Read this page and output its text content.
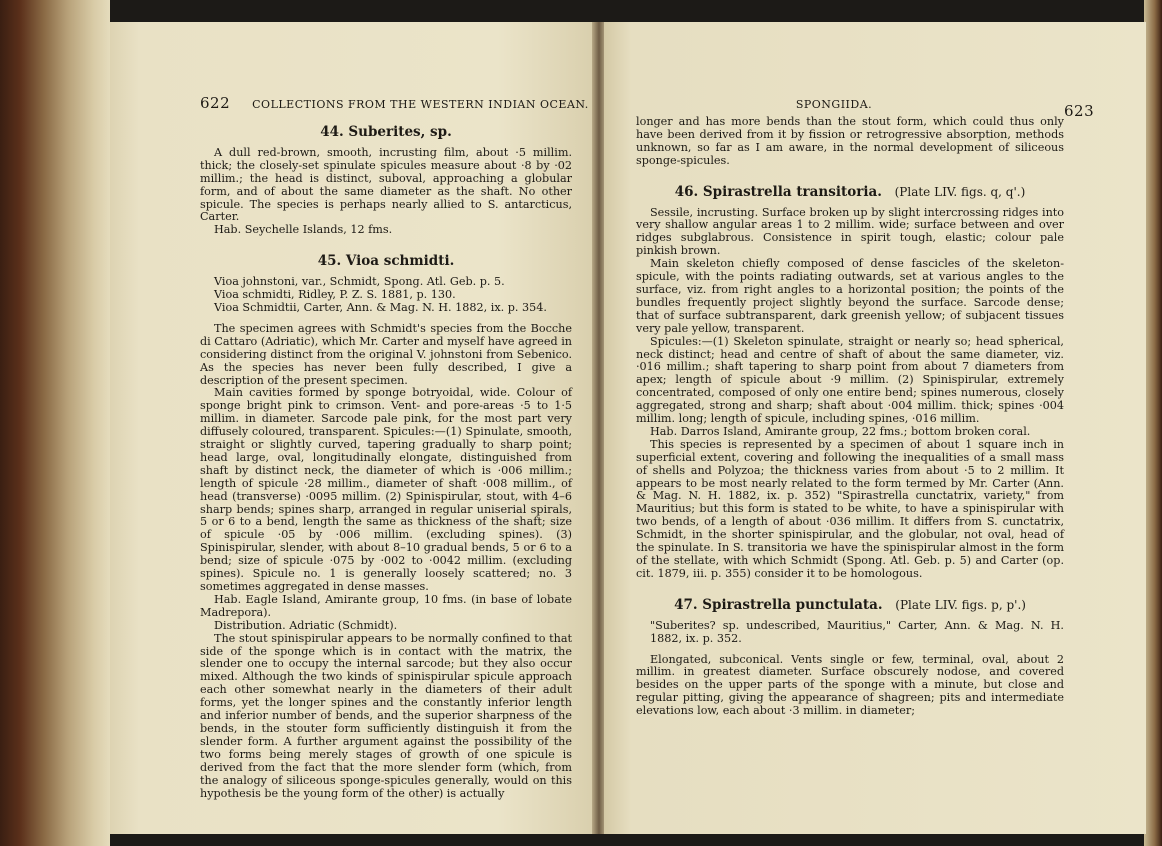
622 COLLECTIONS FROM THE WESTERN INDIAN OCEAN.
44. Suberites, sp.

A dull red-brown, smooth, incrusting film, about ·5 millim. thick; the closely-set spinulate spicules measure about ·8 by ·02 millim.; the head is distinct, suboval, approaching a globular form, and of about the same diameter as the shaft. No other spicule. The species is perhaps nearly allied to S. antarcticus, Carter.

Hab. Seychelle Islands, 12 fms.

45. Vioa schmidti.

Vioa johnstoni, var., Schmidt, Spong. Atl. Geb. p. 5.

Vioa schmidti, Ridley, P. Z. S. 1881, p. 130.

Vioa Schmidtii, Carter, Ann. & Mag. N. H. 1882, ix. p. 354.

The specimen agrees with Schmidt's species from the Bocche di Cattaro (Adriatic), which Mr. Carter and myself have agreed in considering distinct from the original V. johnstoni from Sebenico. As the species has never been fully described, I give a description of the present specimen.

Main cavities formed by sponge botryoidal, wide. Colour of sponge bright pink to crimson. Vent- and pore-areas ·5 to 1·5 millim. in diameter. Sarcode pale pink, for the most part very diffusely coloured, transparent. Spicules:—(1) Spinulate, smooth, straight or slightly curved, tapering gradually to sharp point; head large, oval, longitudinally elongate, distinguished from shaft by distinct neck, the diameter of which is ·006 millim.; length of spicule ·28 millim., diameter of shaft ·008 millim., of head (transverse) ·0095 millim. (2) Spinispirular, stout, with 4–6 sharp bends; spines sharp, arranged in regular uniserial spirals, 5 or 6 to a bend, length the same as thickness of the shaft; size of spicule ·05 by ·006 millim. (excluding spines). (3) Spinispirular, slender, with about 8–10 gradual bends, 5 or 6 to a bend; size of spicule ·075 by ·002 to ·0042 millim. (excluding spines). Spicule no. 1 is generally loosely scattered; no. 3 sometimes aggregated in dense masses.

Hab. Eagle Island, Amirante group, 10 fms. (in base of lobate Madrepora).

Distribution. Adriatic (Schmidt).

The stout spinispirular appears to be normally confined to that side of the sponge which is in contact with the matrix, the slender one to occupy the internal sarcode; but they also occur mixed. Although the two kinds of spinispirular spicule approach each other somewhat nearly in the diameters of their adult forms, yet the longer spines and the constantly inferior length and inferior number of bends, and the superior sharpness of the bends, in the stouter form sufficiently distinguish it from the slender form. A further argument against the possibility of the two forms being merely stages of growth of one spicule is derived from the fact that the more slender form (which, from the analogy of siliceous sponge-spicules generally, would on this hypothesis be the young form of the other) is actually

SPONGIIDA.	623

longer and has more bends than the stout form, which could thus only have been derived from it by fission or retrogressive absorption, methods unknown, so far as I am aware, in the normal development of siliceous sponge-spicules.

46. Spirastrella transitoria. (Plate LIV. figs. q, q'.)

Sessile, incrusting. Surface broken up by slight intercrossing ridges into very shallow angular areas 1 to 2 millim. wide; surface between and over ridges subglabrous. Consistence in spirit tough, elastic; colour pale pinkish brown.

Main skeleton chiefly composed of dense fascicles of the skeleton-spicule, with the points radiating outwards, set at various angles to the surface, viz. from right angles to a horizontal position; the points of the bundles frequently project slightly beyond the surface. Sarcode dense; that of surface subtransparent, dark greenish yellow; of subjacent tissues very pale yellow, transparent.

Spicules:—(1) Skeleton spinulate, straight or nearly so; head spherical, neck distinct; head and centre of shaft of about the same diameter, viz. ·016 millim.; shaft tapering to sharp point from about 7 diameters from apex; length of spicule about ·9 millim. (2) Spinispirular, extremely concentrated, composed of only one entire bend; spines numerous, closely aggregated, strong and sharp; shaft about ·004 millim. thick; spines ·004 millim. long; length of spicule, including spines, ·016 millim.

Hab. Darros Island, Amirante group, 22 fms.; bottom broken coral.

This species is represented by a specimen of about 1 square inch in superficial extent, covering and following the inequalities of a small mass of shells and Polyzoa; the thickness varies from about ·5 to 2 millim. It appears to be most nearly related to the form termed by Mr. Carter (Ann. & Mag. N. H. 1882, ix. p. 352) "Spirastrella cunctatrix, variety," from Mauritius; but this form is stated to be white, to have a spinispirular with two bends, of a length of about ·036 millim. It differs from S. cunctatrix, Schmidt, in the shorter spinispirular, and the globular, not oval, head of the spinulate. In S. transitoria we have the spinispirular almost in the form of the stellate, with which Schmidt (Spong. Atl. Geb. p. 5) and Carter (op. cit. 1879, iii. p. 355) consider it to be homologous.

47. Spirastrella punctulata. (Plate LIV. figs. p, p'.)

"Suberites? sp. undescribed, Mauritius," Carter, Ann. & Mag. N. H. 1882, ix. p. 352.

Elongated, subconical. Vents single or few, terminal, oval, about 2 millim. in greatest diameter. Surface obscurely nodose, and covered besides on the upper parts of the sponge with a minute, but close and regular pitting, giving the appearance of shagreen; pits and intermediate elevations low, each about ·3 millim. in diameter;
